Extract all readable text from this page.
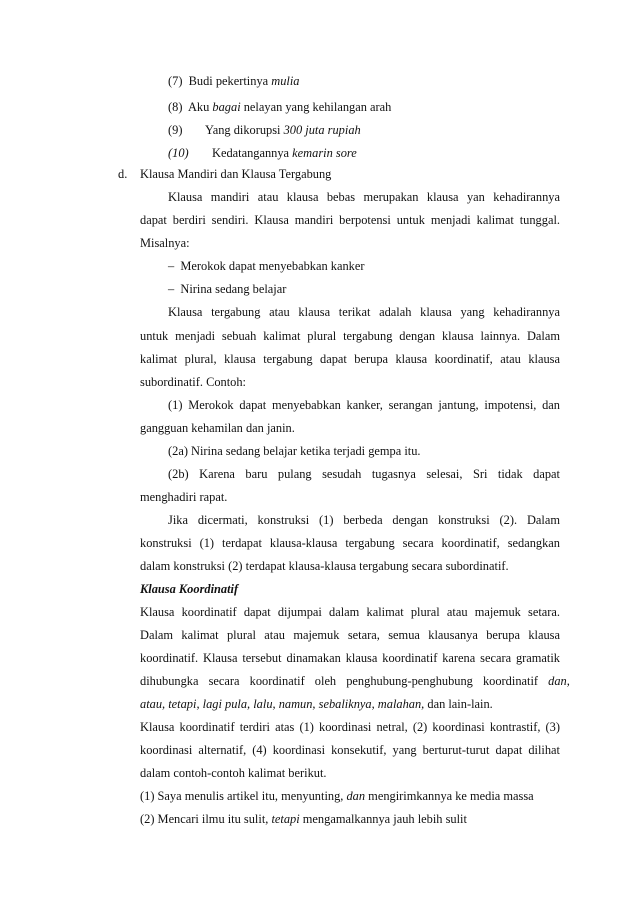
(7) Budi pekertinya mulia
(8) Aku bagai nelayan yang kehilangan arah
(9) Yang dikorupsi 300 juta rupiah
(10) Kedatangannya kemarin sore
d. Klausa Mandiri dan Klausa Tergabung
Klausa mandiri atau klausa bebas merupakan klausa yan kehadirannya
dapat berdiri sendiri. Klausa mandiri berpotensi untuk menjadi kalimat tunggal.
Misalnya:
– Merokok dapat menyebabkan kanker
– Nirina sedang belajar
Klausa tergabung atau klausa terikat adalah klausa yang kehadirannya
untuk menjadi sebuah kalimat plural tergabung dengan klausa lainnya. Dalam
kalimat plural, klausa tergabung dapat berupa klausa koordinatif, atau klausa
subordinatif. Contoh:
(1) Merokok dapat menyebabkan kanker, serangan jantung, impotensi, dan
gangguan kehamilan dan janin.
(2a) Nirina sedang belajar ketika terjadi gempa itu.
(2b) Karena baru pulang sesudah tugasnya selesai, Sri tidak dapat
menghadiri rapat.
Jika dicermati, konstruksi (1) berbeda dengan konstruksi (2). Dalam
konstruksi (1) terdapat klausa-klausa tergabung secara koordinatif, sedangkan
dalam konstruksi (2) terdapat klausa-klausa tergabung secara subordinatif.
Klausa Koordinatif
Klausa koordinatif dapat dijumpai dalam kalimat plural atau majemuk setara.
Dalam kalimat plural atau majemuk setara, semua klausanya berupa klausa
koordinatif. Klausa tersebut dinamakan klausa koordinatif karena secara gramatik
dihubungka secara koordinatif oleh penghubung-penghubung koordinatif dan,
atau, tetapi, lagi pula, lalu, namun, sebaliknya, malahan, dan lain-lain.
Klausa koordinatif terdiri atas (1) koordinasi netral, (2) koordinasi kontrastif, (3)
koordinasi alternatif, (4) koordinasi konsekutif, yang berturut-turut dapat dilihat
dalam contoh-contoh kalimat berikut.
(1) Saya menulis artikel itu, menyunting, dan mengirimkannya ke media massa
(2) Mencari ilmu itu sulit, tetapi mengamalkannya jauh lebih sulit
